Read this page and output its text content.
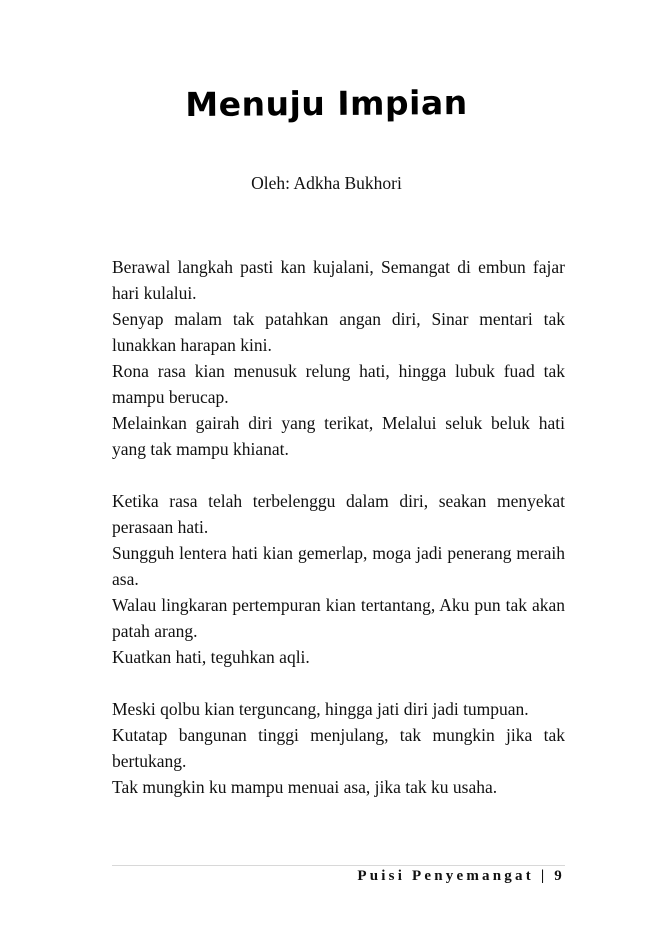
Menuju Impian
Oleh: Adkha Bukhori

Berawal langkah pasti kan kujalani, Semangat di embun fajar hari kulalui.

Senyap malam tak patahkan angan diri, Sinar mentari tak lunakkan harapan kini.

Rona rasa kian menusuk relung hati, hingga lubuk fuad tak mampu berucap.

Melainkan gairah diri yang terikat, Melalui seluk beluk hati yang tak mampu khianat.

Ketika rasa telah terbelenggu dalam diri, seakan menyekat perasaan hati.

Sungguh lentera hati kian gemerlap, moga jadi penerang meraih asa.

Walau lingkaran pertempuran kian tertantang, Aku pun tak akan patah arang.

Kuatkan hati, teguhkan aqli.

Meski qolbu kian terguncang, hingga jati diri jadi tumpuan.

Kutatap bangunan tinggi menjulang, tak mungkin jika tak bertukang.

Tak mungkin ku mampu menuai asa, jika tak ku usaha.

Puisi Penyemangat | 9
